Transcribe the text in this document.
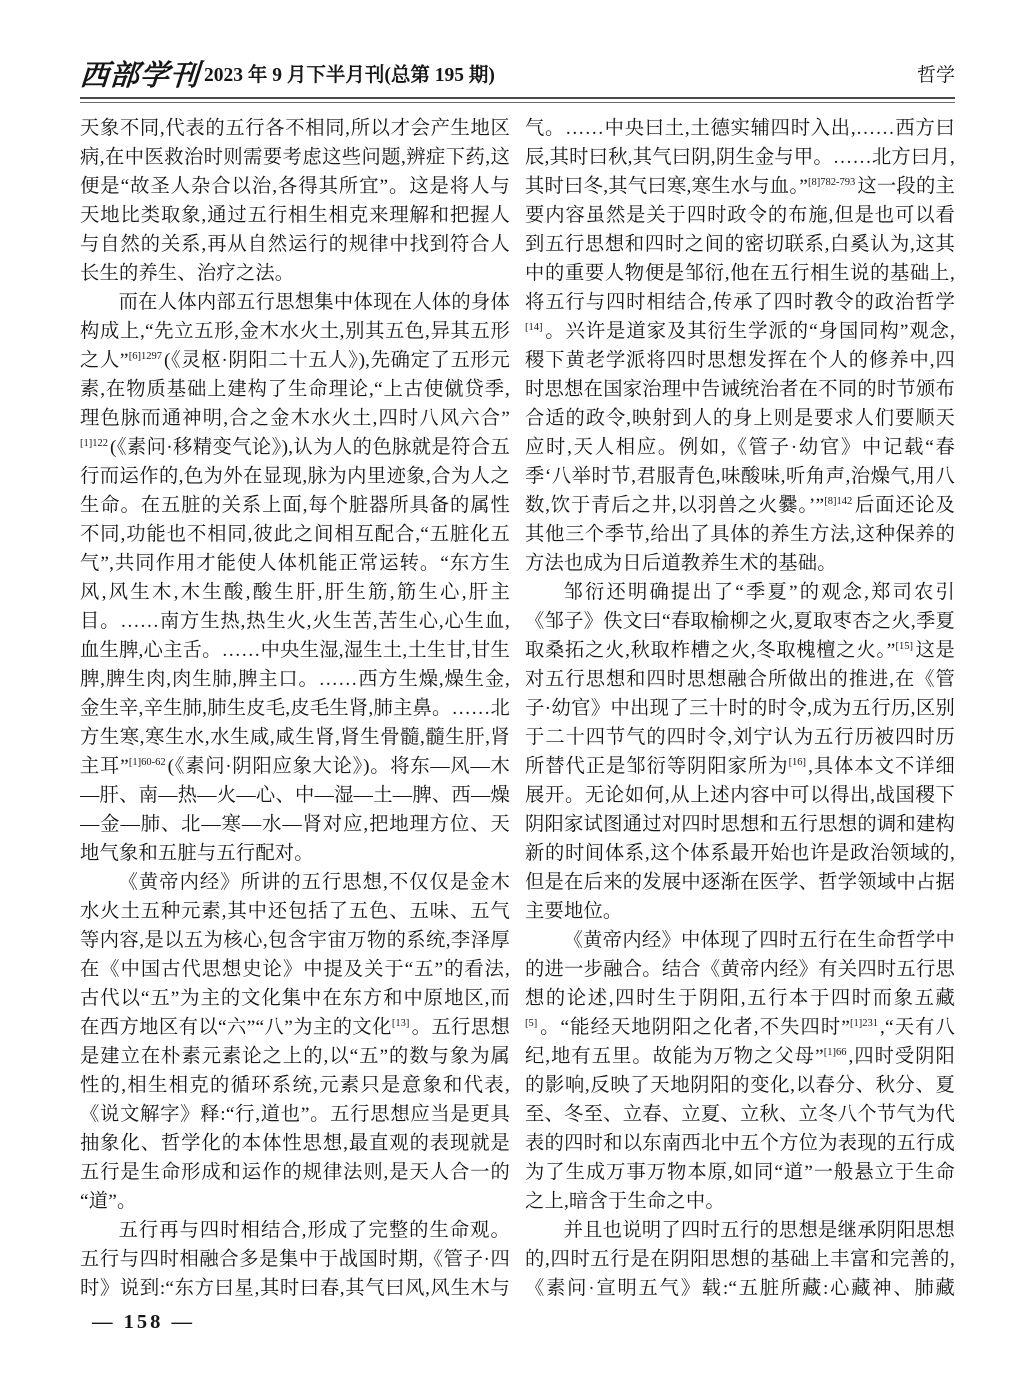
西部学刊 2023 年 9 月下半月刊(总第 195 期)	哲学

天象不同,代表的五行各不相同,所以才会产生地区病,在中医救治时则需要考虑这些问题,辨症下药,这便是“故圣人杂合以治,各得其所宜”。这是将人与天地比类取象,通过五行相生相克来理解和把握人与自然的关系,再从自然运行的规律中找到符合人长生的养生、治疗之法。

而在人体内部五行思想集中体现在人体的身体构成上,“先立五形,金木水火土,别其五色,异其五形之人”$^{[6]1297}$ (《灵枢·阴阳二十五人》),先确定了五形元素,在物质基础上建构了生命理论,“上古使僦贷季,理色脉而通神明,合之金木水火土,四时八风六合”$^{[1]122}$ (《素问·移精变气论》),认为人的色脉就是符合五行而运作的,色为外在显现,脉为内里迹象,合为人之生命。在五脏的关系上面,每个脏器所具备的属性不同,功能也不相同,彼此之间相互配合,“五脏化五气”,共同作用才能使人体机能正常运转。“东方生风,风生木,木生酸,酸生肝,肝生筋,筋生心,肝主目。……南方生热,热生火,火生苦,苦生心,心生血,血生脾,心主舌。……中央生湿,湿生土,土生甘,甘生脾,脾生肉,肉生肺,脾主口。……西方生燥,燥生金,金生辛,辛生肺,肺生皮毛,皮毛生肾,肺主鼻。……北方生寒,寒生水,水生咸,咸生肾,肾生骨髓,髓生肝,肾主耳”$^{[1]60-62}$ (《素问·阴阳应象大论》)。将东—风—木—肝、南—热—火—心、中—湿—土—脾、西—燥—金—肺、北—寒—水—肾对应,把地理方位、天地气象和五脏与五行配对。

《黄帝内经》所讲的五行思想,不仅仅是金木水火土五种元素,其中还包括了五色、五味、五气等内容,是以五为核心,包含宇宙万物的系统,李泽厚在《中国古代思想史论》中提及关于“五”的看法,古代以“五”为主的文化集中在东方和中原地区,而在西方地区有以“六”“八”为主的文化[13] 。五行思想是建立在朴素元素论之上的,以“五”的数与象为属性的,相生相克的循环系统,元素只是意象和代表,《说文解字》释:“行,道也”。五行思想应当是更具抽象化、哲学化的本体性思想,最直观的表现就是五行是生命形成和运作的规律法则,是天人合一的“道”。

五行再与四时相结合,形成了完整的生命观。五行与四时相融合多是集中于战国时期,《管子·四时》说到:“东方曰星,其时曰春,其气曰风,风生木与

气。……中央曰土,土德实辅四时入出,……西方曰辰,其时曰秋,其气曰阴,阴生金与甲。……北方曰月,其时曰冬,其气曰寒,寒生水与血。”$^{[8]782-793}$ 这一段的主要内容虽然是关于四时政令的布施,但是也可以看到五行思想和四时之间的密切联系,白奚认为,这其中的重要人物便是邹衍,他在五行相生说的基础上,将五行与四时相结合,传承了四时教令的政治哲学[14] 。兴许是道家及其衍生学派的“身国同构”观念,稷下黄老学派将四时思想发挥在个人的修养中,四时思想在国家治理中告诫统治者在不同的时节颁布合适的政令,映射到人的身上则是要求人们要顺天应时,天人相应。例如,《管子·幼官》中记载“春季‘八举时节,君服青色,味酸味,听角声,治燥气,用八数,饮于青后之井,以羽兽之火爨。’”$^{[8]142}$ 后面还论及其他三个季节,给出了具体的养生方法,这种保养的方法也成为日后道教养生术的基础。

邹衍还明确提出了“季夏”的观念,郑司农引《邹子》佚文曰“春取榆柳之火,夏取枣杏之火,季夏取桑拓之火,秋取柞槽之火,冬取槐檀之火。”[15] 这是对五行思想和四时思想融合所做出的推进,在《管子·幼官》中出现了三十时的时令,成为五行历,区别于二十四节气的四时令,刘宁认为五行历被四时历所替代正是邹衍等阴阳家所为[16] ,具体本文不详细展开。无论如何,从上述内容中可以得出,战国稷下阴阳家试图通过对四时思想和五行思想的调和建构新的时间体系,这个体系最开始也许是政治领域的,但是在后来的发展中逐渐在医学、哲学领域中占据主要地位。

《黄帝内经》中体现了四时五行在生命哲学中的进一步融合。结合《黄帝内经》有关四时五行思想的论述,四时生于阴阳,五行本于四时而象五藏[5] 。“能经天地阴阳之化者,不失四时”$^{[1]231}$ ,“天有八纪,地有五里。故能为万物之父母”$^{[1]66}$ ,四时受阴阳的影响,反映了天地阴阳的变化,以春分、秋分、夏至、冬至、立春、立夏、立秋、立冬八个节气为代表的四时和以东南西北中五个方位为表现的五行成为了生成万事万物本原,如同“道”一般悬立于生命之上,暗含于生命之中。

并且也说明了四时五行的思想是继承阴阳思想的,四时五行是在阴阳思想的基础上丰富和完善的,《素问·宣明五气》载:“五脏所藏:心藏神、肺藏

— 158 —
